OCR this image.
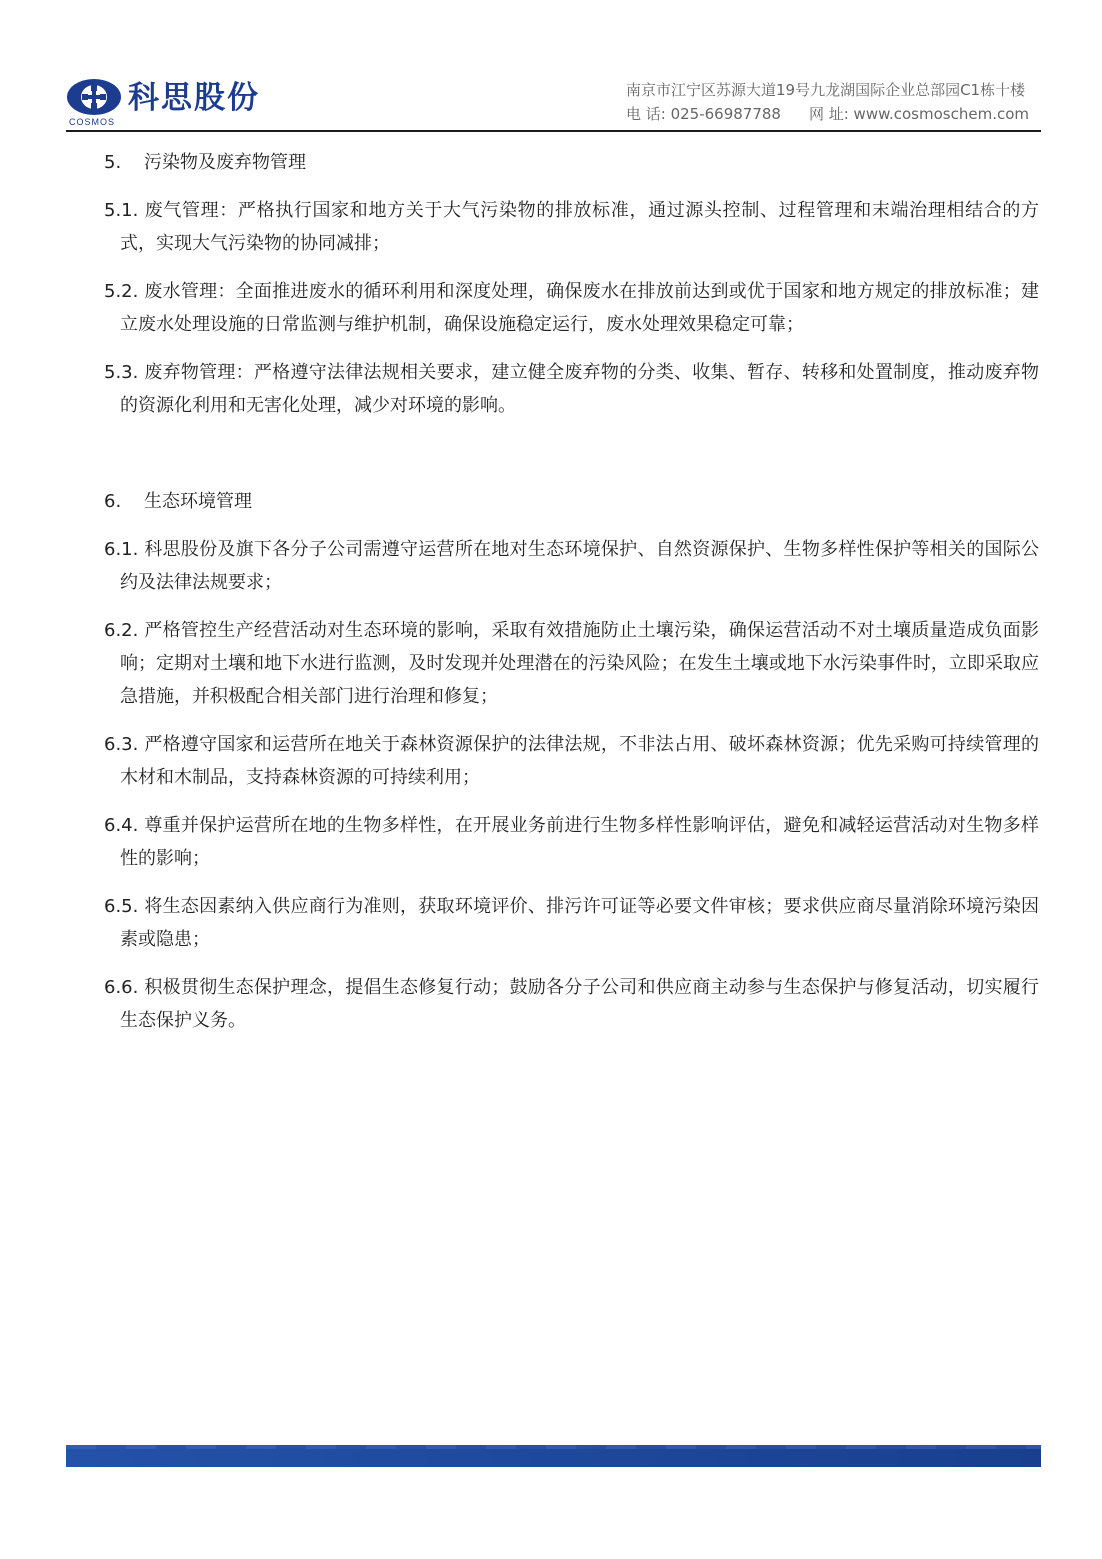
COSMOS
科思股份	南京市江宁区苏源大道19号九龙湖国际企业总部园C1栋十楼
电 话: 025-66987788 网 址: www.cosmoschem.com
5.	污染物及废弃物管理

5.1. 废气管理：严格执行国家和地方关于大气污染物的排放标准，通过源头控制、过程管理和末端治理相结合的方式，实现大气污染物的协同减排；

5.2. 废水管理：全面推进废水的循环利用和深度处理，确保废水在排放前达到或优于国家和地方规定的排放标准；建立废水处理设施的日常监测与维护机制，确保设施稳定运行，废水处理效果稳定可靠；

5.3. 废弃物管理：严格遵守法律法规相关要求，建立健全废弃物的分类、收集、暂存、转移和处置制度，推动废弃物的资源化利用和无害化处理，减少对环境的影响。

6.	生态环境管理

6.1. 科思股份及旗下各分子公司需遵守运营所在地对生态环境保护、自然资源保护、生物多样性保护等相关的国际公约及法律法规要求；

6.2. 严格管控生产经营活动对生态环境的影响，采取有效措施防止土壤污染，确保运营活动不对土壤质量造成负面影响；定期对土壤和地下水进行监测，及时发现并处理潜在的污染风险；在发生土壤或地下水污染事件时，立即采取应急措施，并积极配合相关部门进行治理和修复；

6.3. 严格遵守国家和运营所在地关于森林资源保护的法律法规，不非法占用、破坏森林资源；优先采购可持续管理的木材和木制品，支持森林资源的可持续利用；

6.4. 尊重并保护运营所在地的生物多样性，在开展业务前进行生物多样性影响评估，避免和减轻运营活动对生物多样性的影响；

6.5. 将生态因素纳入供应商行为准则，获取环境评价、排污许可证等必要文件审核；要求供应商尽量消除环境污染因素或隐患；

6.6. 积极贯彻生态保护理念，提倡生态修复行动；鼓励各分子公司和供应商主动参与生态保护与修复活动，切实履行生态保护义务。
